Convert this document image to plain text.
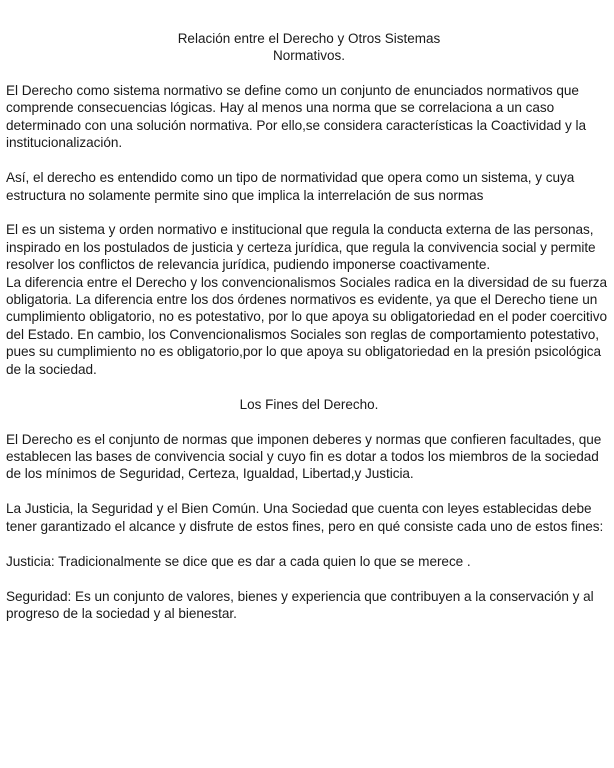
Relación entre el Derecho y Otros Sistemas
Normativos.

El Derecho como sistema normativo se define como un conjunto de enunciados normativos que comprende consecuencias lógicas. Hay al menos una norma que se correlaciona a un caso determinado con una solución normativa. Por ello,se considera características la Coactividad y la institucionalización.

Así, el derecho es entendido como un tipo de normatividad que opera como un sistema, y cuya estructura no solamente permite sino que implica la interrelación de sus normas

El es un sistema y orden normativo e institucional que regula la conducta externa de las personas, inspirado en los postulados de justicia y certeza jurídica, que regula la convivencia social y permite resolver los conflictos de relevancia jurídica, pudiendo imponerse coactivamente.

La diferencia entre el Derecho y los convencionalismos Sociales radica en la diversidad de su fuerza obligatoria. La diferencia entre los dos órdenes normativos es evidente, ya que el Derecho tiene un cumplimiento obligatorio, no es potestativo, por lo que apoya su obligatoriedad en el poder coercitivo del Estado. En cambio, los Convencionalismos Sociales son reglas de comportamiento potestativo, pues su cumplimiento no es obligatorio,por lo que apoya su obligatoriedad en la presión psicológica de la sociedad.

Los Fines del Derecho.

El Derecho es el conjunto de normas que imponen deberes y normas que confieren facultades, que establecen las bases de convivencia social y cuyo fin es dotar a todos los miembros de la sociedad de los mínimos de Seguridad, Certeza, Igualdad, Libertad,y Justicia.

La Justicia, la Seguridad y el Bien Común. Una Sociedad que cuenta con leyes establecidas debe tener garantizado el alcance y disfrute de estos fines, pero en qué consiste cada uno de estos fines:

Justicia: Tradicionalmente se dice que es dar a cada quien lo que se merece .

Seguridad: Es un conjunto de valores, bienes y experiencia que contribuyen a la conservación y al progreso de la sociedad y al bienestar.
